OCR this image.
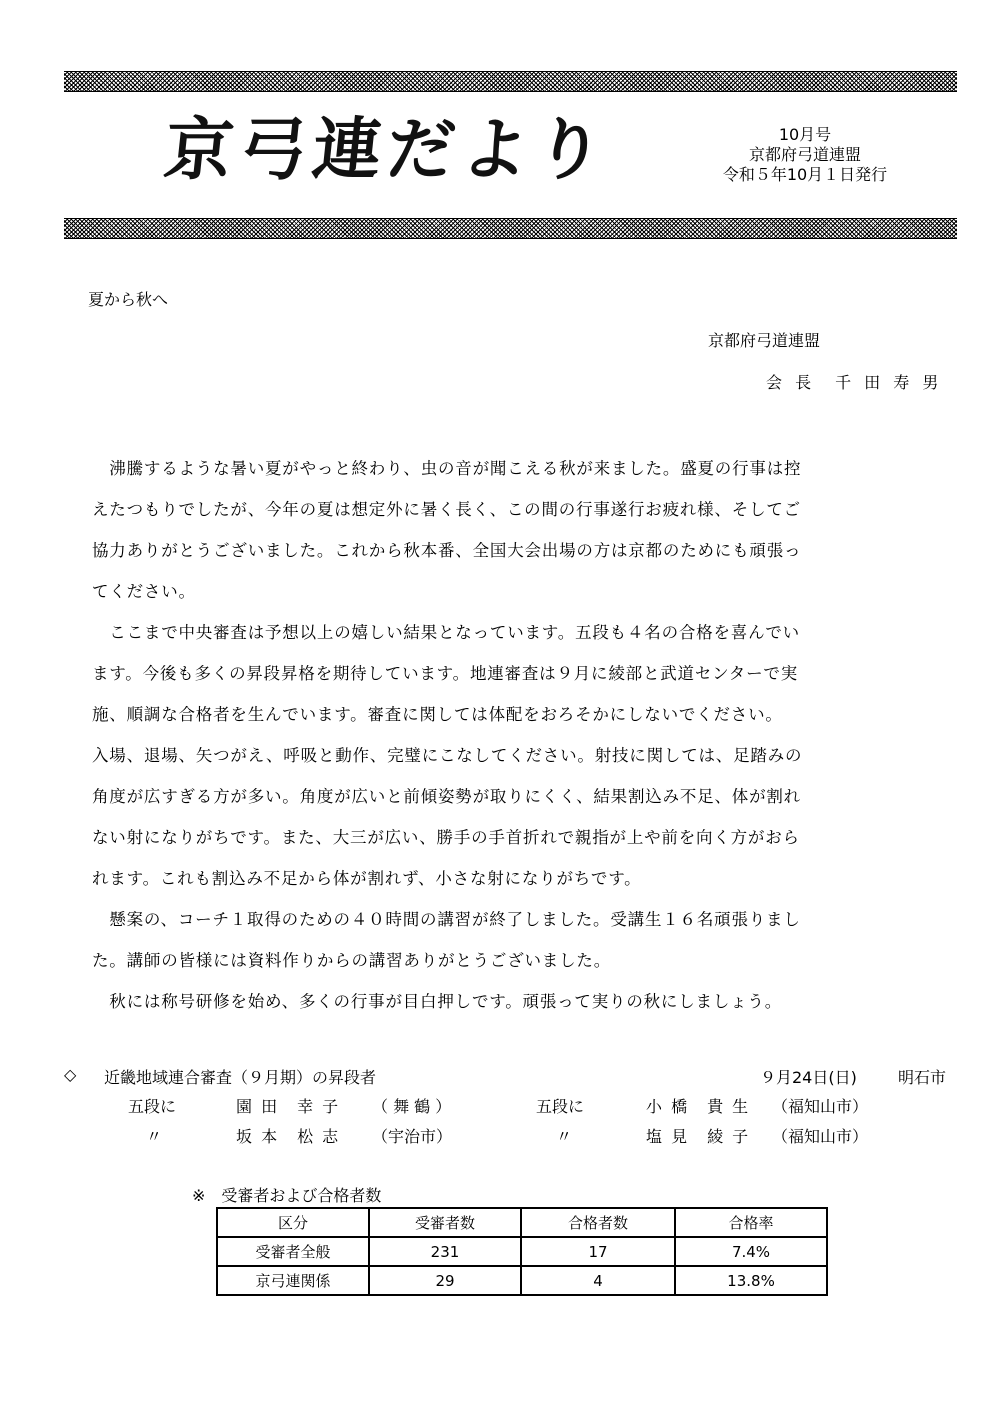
京弓連だより	10月号
京都府弓道連盟
令和５年10月１日発行
夏から秋へ
京都府弓道連盟
会 長　千 田 寿 男

　沸騰するような暑い夏がやっと終わり、虫の音が聞こえる秋が来ました。盛夏の行事は控
えたつもりでしたが、今年の夏は想定外に暑く長く、この間の行事遂行お疲れ様、そしてご
協力ありがとうございました。これから秋本番、全国大会出場の方は京都のためにも頑張っ
てください。

　ここまで中央審査は予想以上の嬉しい結果となっています。五段も４名の合格を喜んでい
ます。今後も多くの昇段昇格を期待しています。地連審査は９月に綾部と武道センターで実
施、順調な合格者を生んでいます。審査に関しては体配をおろそかにしないでください。
入場、退場、矢つがえ、呼吸と動作、完璧にこなしてください。射技に関しては、足踏みの
角度が広すぎる方が多い。角度が広いと前傾姿勢が取りにくく、結果割込み不足、体が割れ
ない射になりがちです。また、大三が広い、勝手の手首折れで親指が上や前を向く方がおら
れます。これも割込み不足から体が割れず、小さな射になりがちです。

　懸案の、コーチ１取得のための４０時間の講習が終了しました。受講生１６名頑張りまし
た。講師の皆様には資料作りからの講習ありがとうございました。

　秋には称号研修を始め、多くの行事が目白押しです。頑張って実りの秋にしましょう。

◇ 近畿地域連合審査（９月期）の昇段者	９月24日(日)	明石市
五段に	園 田　幸 子 （ 舞 鶴 ）	五段に	小 橋　貴 生 （福知山市）
〃	坂 本　松 志 （宇治市）	〃	塩 見　綾 子 （福知山市）
※　受審者および合格者数
区分	受審者数	合格者数	合格率
受審者全般	231	17	7.4%
京弓連関係	29	4	13.8%
